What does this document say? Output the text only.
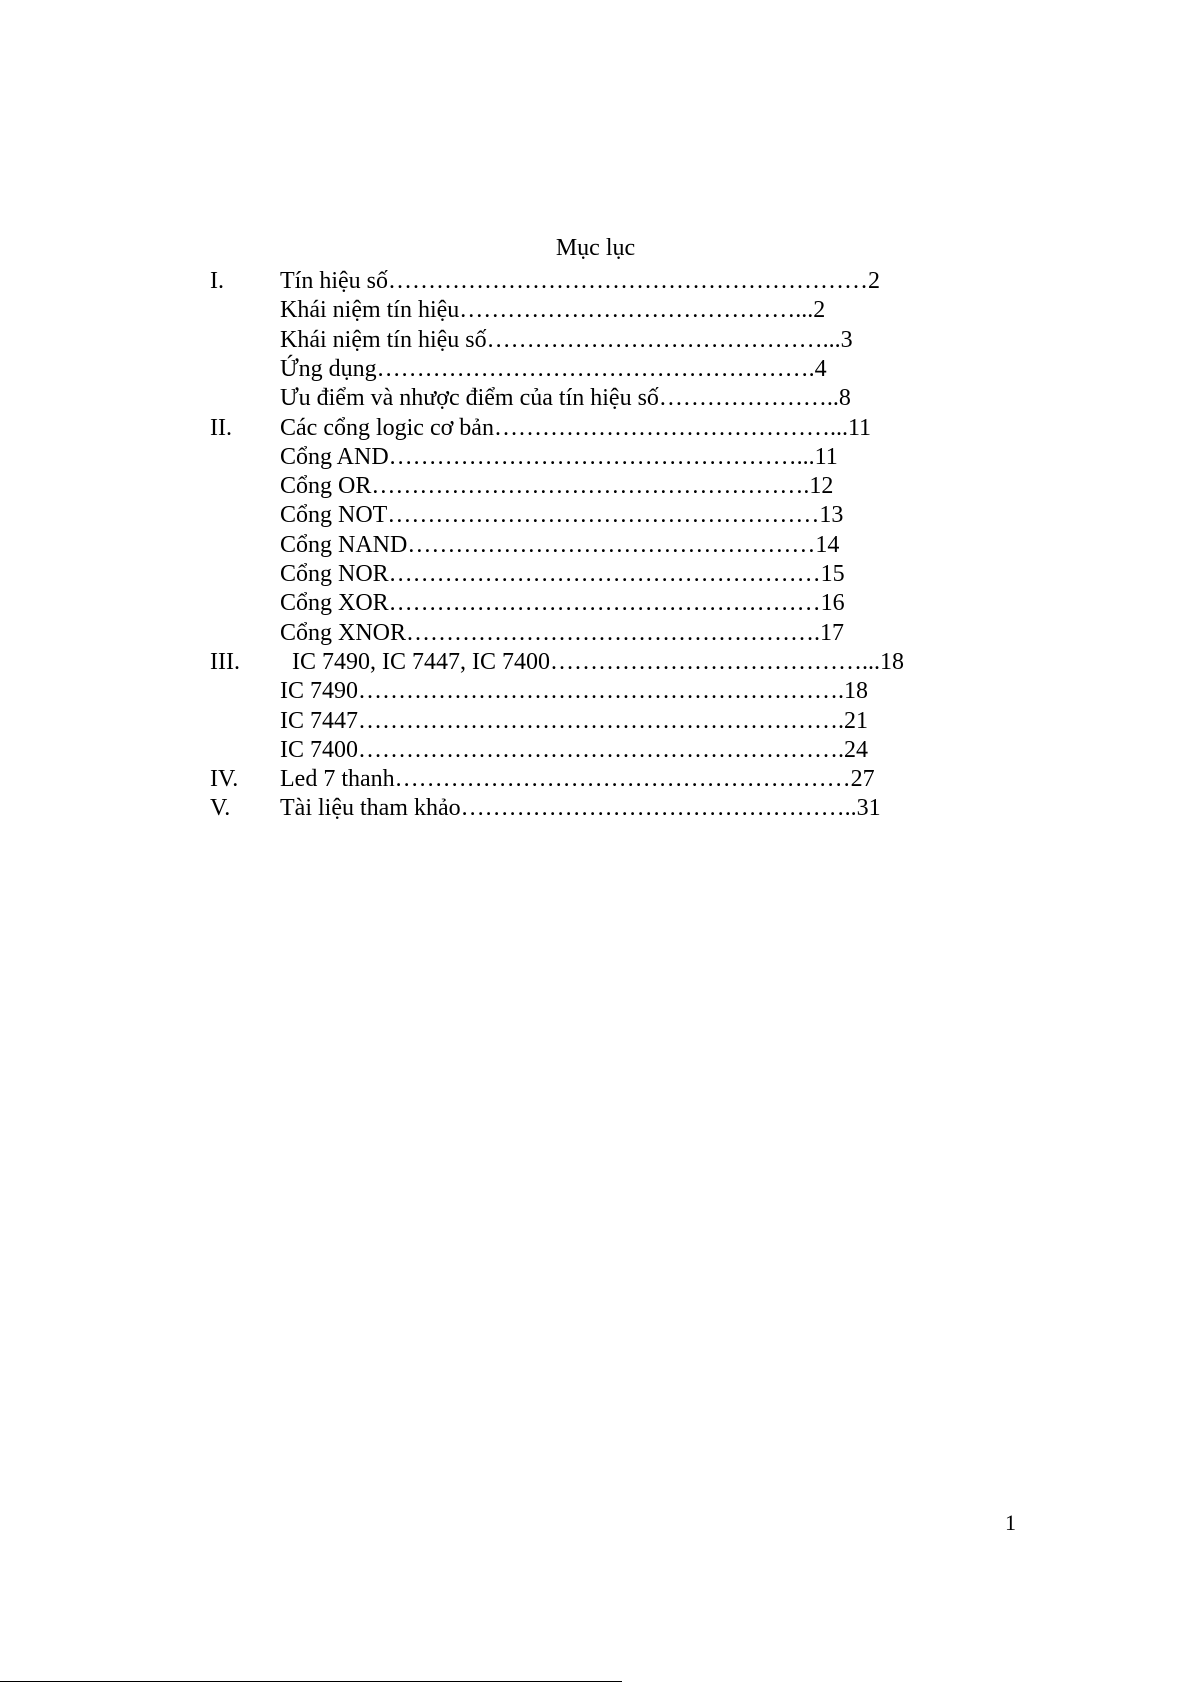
Mục lục
I. Tín hiệu số……………………………………………………2
Khái niệm tín hiệu……………………………………...2
Khái niệm tín hiệu số……………………………………...3
Ứng dụng……………………………………………….4
Ưu điểm và nhược điểm của tín hiệu số…………………..8
II. Các cổng logic cơ bản……………………………………...11
Cổng AND……………………………………………...11
Cổng OR……………………………………………….12
Cổng NOT………………………………………………13
Cổng NAND……………………………………………14
Cổng NOR………………………………………………15
Cổng XOR………………………………………………16
Cổng XNOR…………………………………………….17
III. IC 7490, IC 7447, IC 7400…………………………………...18
IC 7490…………………………………………………….18
IC 7447…………………………………………………….21
IC 7400…………………………………………………….24
IV. Led 7 thanh…………………………………………………27
V. Tài liệu tham khảo…………………………………………..31
1
